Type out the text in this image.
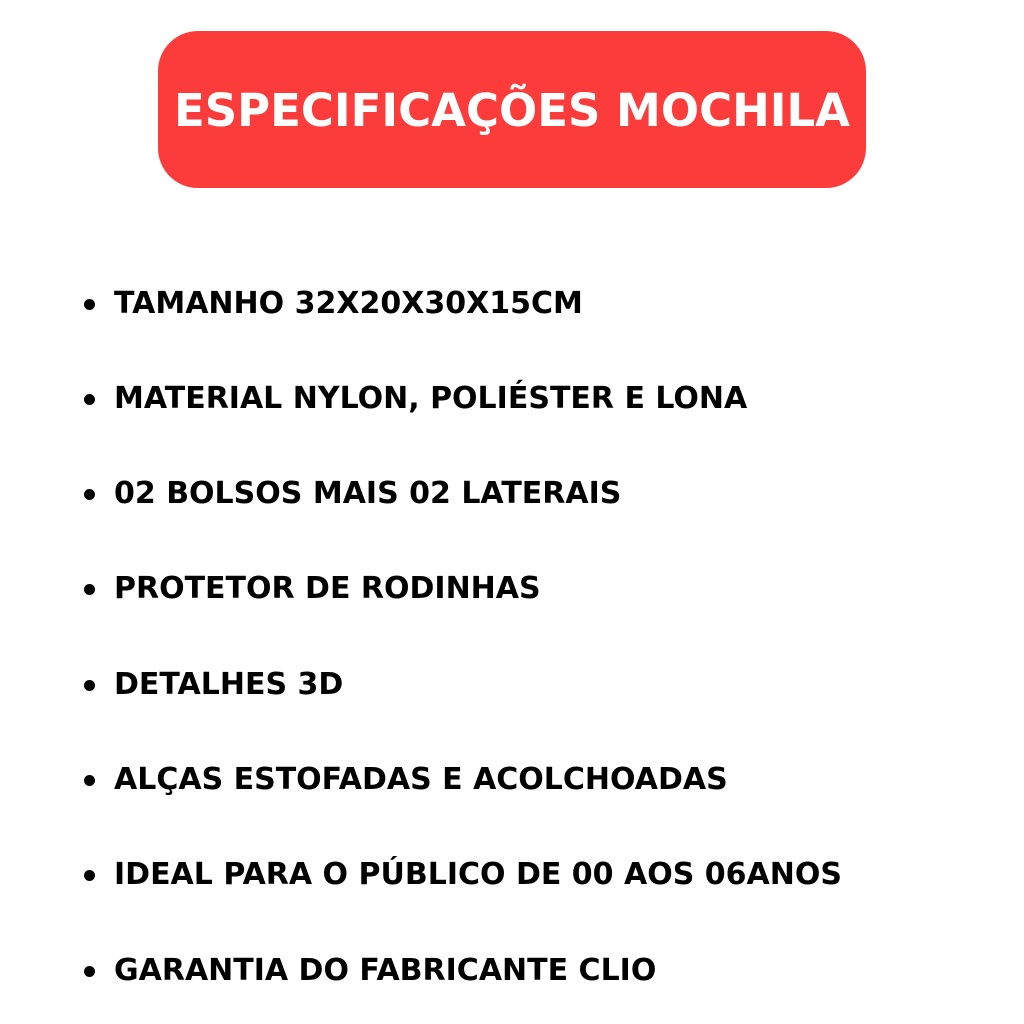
ESPECIFICAÇÕES MOCHILA
TAMANHO 32X20X30X15CM
MATERIAL NYLON, POLIÉSTER E LONA
02 BOLSOS MAIS 02 LATERAIS
PROTETOR DE RODINHAS
DETALHES 3D
ALÇAS ESTOFADAS E ACOLCHOADAS
IDEAL PARA O PÚBLICO DE 00 AOS 06ANOS
GARANTIA DO FABRICANTE CLIO
